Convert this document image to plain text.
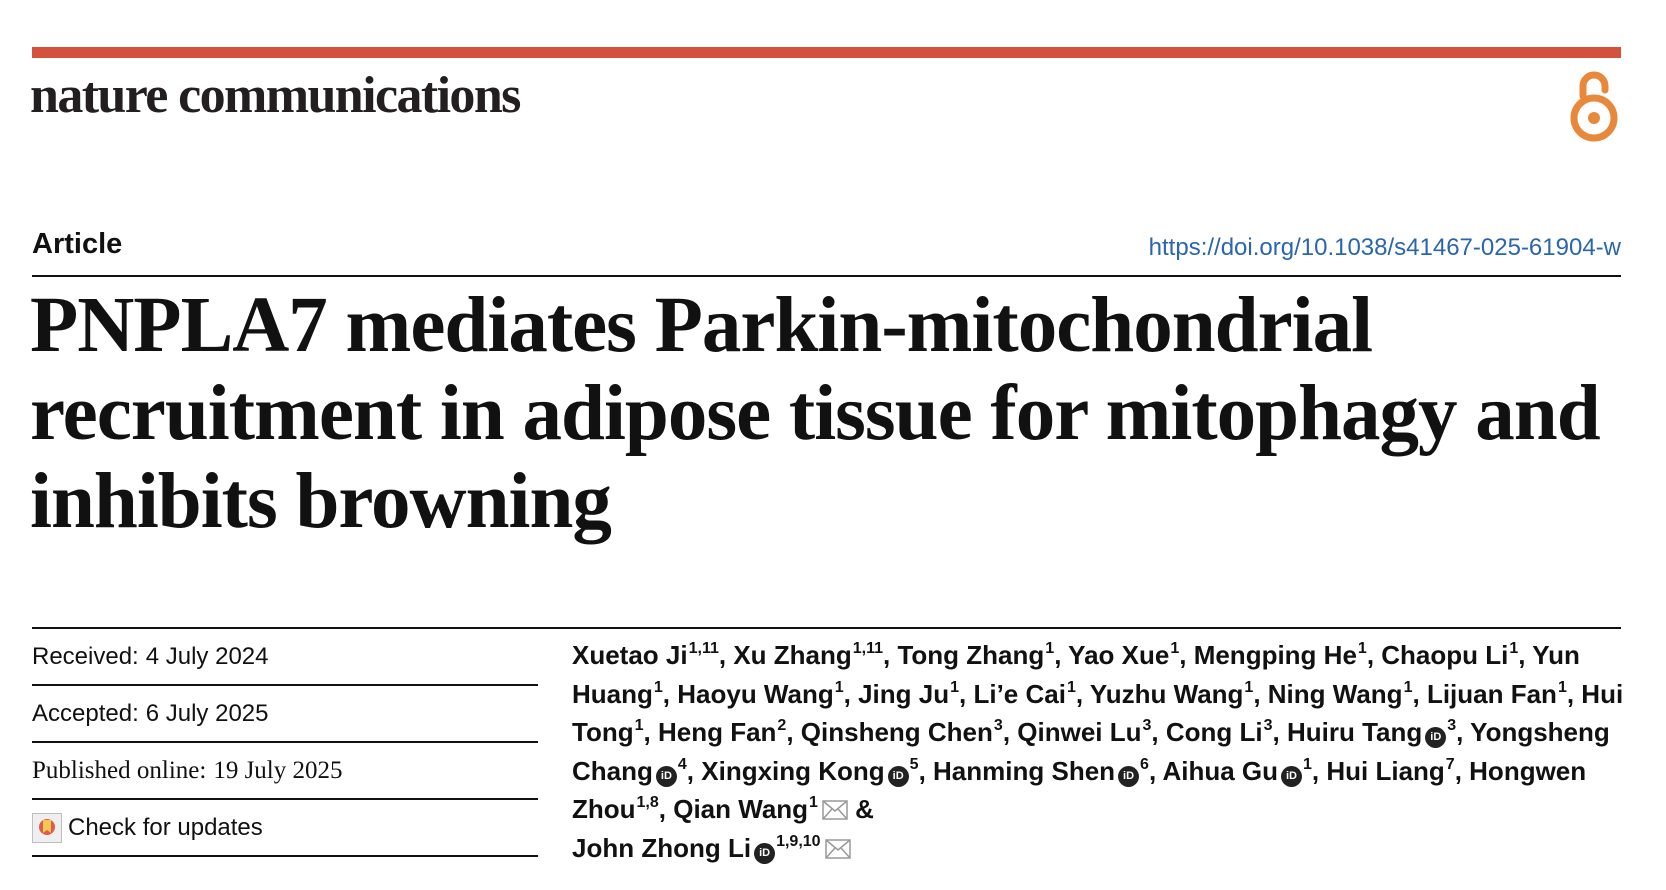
nature communications
Article	https://doi.org/10.1038/s41467-025-61904-w
PNPLA7 mediates Parkin-mitochondrial recruitment in adipose tissue for mitophagy and inhibits browning
Received: 4 July 2024
Accepted: 6 July 2025
Published online: 19 July 2025
Check for updates
Xuetao Ji$^{1,11}$, Xu Zhang$^{1,11}$, Tong Zhang$^1$, Yao Xue$^1$, Mengping He$^1$, Chaopu Li$^1$, Yun Huang$^1$, Haoyu Wang$^1$, Jing Ju$^1$, Li’e Cai$^1$, Yuzhu Wang$^1$, Ning Wang$^1$, Lijuan Fan$^1$, Hui Tong$^1$, Heng Fan$^2$, Qinsheng Chen$^3$, Qinwei Lu$^3$, Cong Li$^3$, Huiru Tang $iD^3$, Yongsheng Chang $iD^4$, Xingxing Kong $iD^5$, Hanming Shen $iD^6$, Aihua Gu $iD^1$, Hui Liang$^7$, Hongwen Zhou$^{1,8}$, Qian Wang$^1$ &
John Zhong Li iD$^{1,9,10}$
